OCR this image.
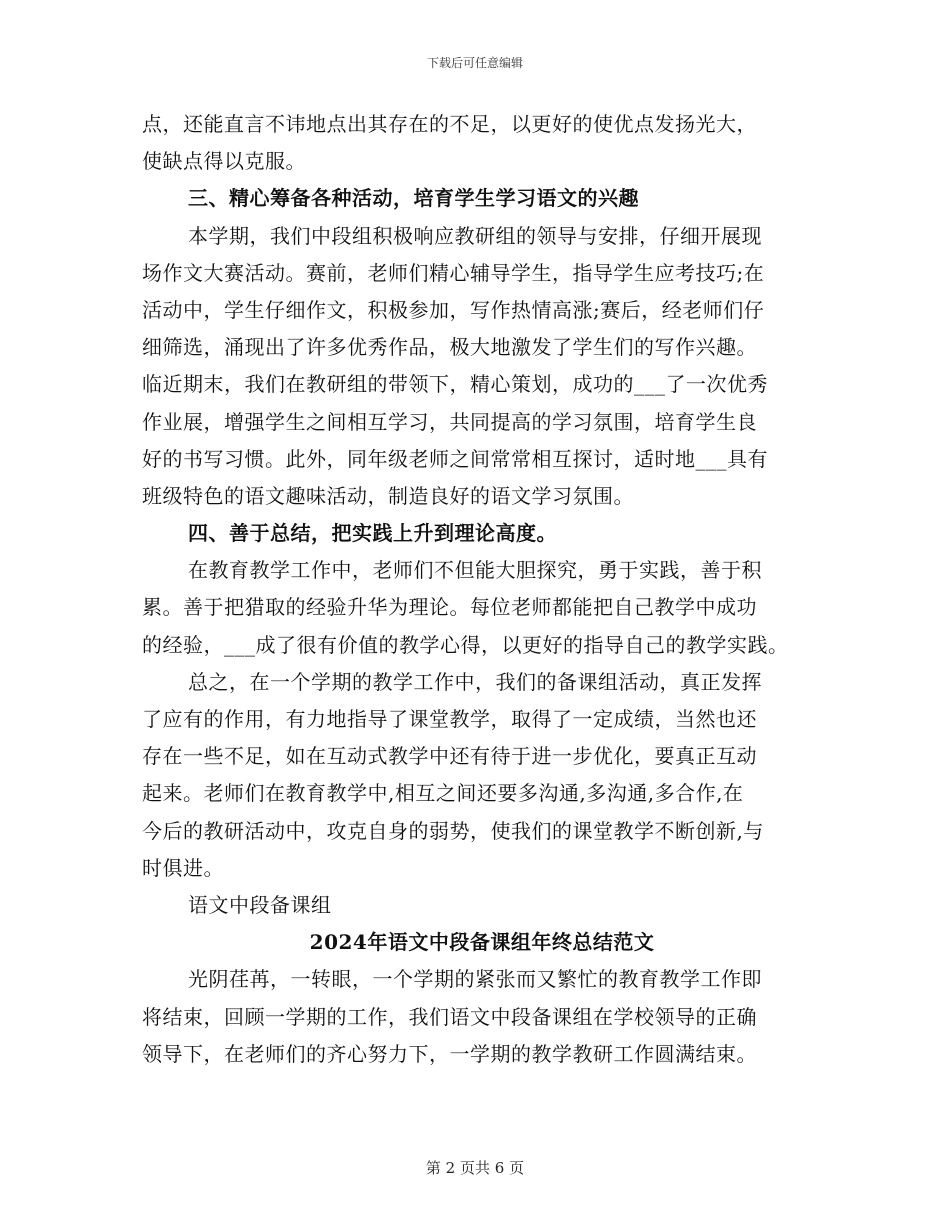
下载后可任意编辑
点，还能直言不讳地点出其存在的不足，以更好的使优点发扬光大，
使缺点得以克服。
三、精心筹备各种活动，培育学生学习语文的兴趣
本学期，我们中段组积极响应教研组的领导与安排，仔细开展现
场作文大赛活动。赛前，老师们精心辅导学生，指导学生应考技巧;在
活动中，学生仔细作文，积极参加，写作热情高涨;赛后，经老师们仔
细筛选，涌现出了许多优秀作品，极大地激发了学生们的写作兴趣。
临近期末，我们在教研组的带领下，精心策划，成功的___了一次优秀
作业展，增强学生之间相互学习，共同提高的学习氛围，培育学生良
好的书写习惯。此外，同年级老师之间常常相互探讨，适时地___具有
班级特色的语文趣味活动，制造良好的语文学习氛围。
四、善于总结，把实践上升到理论高度。
在教育教学工作中，老师们不但能大胆探究，勇于实践，善于积
累。善于把猎取的经验升华为理论。每位老师都能把自己教学中成功
的经验，___成了很有价值的教学心得，以更好的指导自己的教学实践。
总之，在一个学期的教学工作中，我们的备课组活动，真正发挥
了应有的作用，有力地指导了课堂教学，取得了一定成绩，当然也还
存在一些不足，如在互动式教学中还有待于进一步优化，要真正互动
起来。老师们在教育教学中,相互之间还要多沟通,多沟通,多合作,在
今后的教研活动中，攻克自身的弱势，使我们的课堂教学不断创新,与
时俱进。
语文中段备课组
2024年语文中段备课组年终总结范文
光阴荏苒，一转眼，一个学期的紧张而又繁忙的教育教学工作即
将结束，回顾一学期的工作，我们语文中段备课组在学校领导的正确
领导下，在老师们的齐心努力下，一学期的教学教研工作圆满结束。
第 2 页共 6 页
